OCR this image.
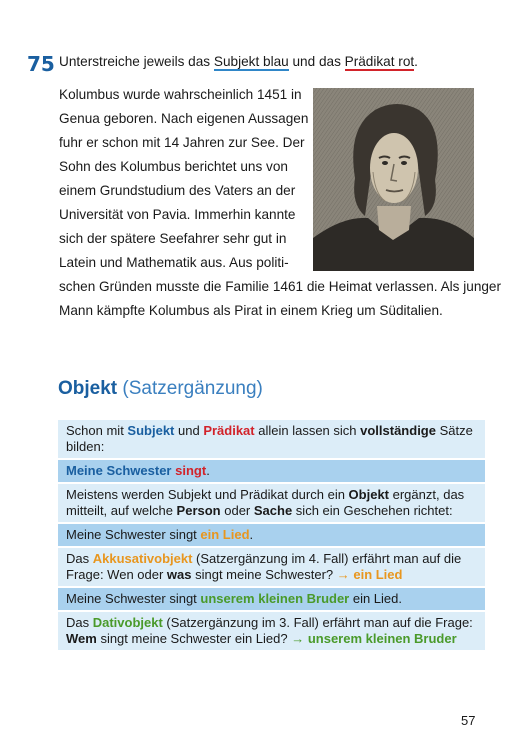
75 Unterstreiche jeweils das Subjekt blau und das Prädikat rot.
Kolumbus wurde wahrscheinlich 1451 in
Genua geboren. Nach eigenen Aussagen
fuhr er schon mit 14 Jahren zur See. Der
Sohn des Kolumbus berichtet uns von
einem Grundstudium des Vaters an der
Universität von Pavia. Immerhin kannte
sich der spätere Seefahrer sehr gut in
Latein und Mathematik aus. Aus politi-
schen Gründen musste die Familie 1461 die Heimat verlassen. Als junger
Mann kämpfte Kolumbus als Pirat in einem Krieg um Süditalien.
Objekt (Satzergänzung)
Schon mit Subjekt und Prädikat allein lassen sich vollständige Sätze bilden:
Meine Schwester singt.
Meistens werden Subjekt und Prädikat durch ein Objekt ergänzt, das mitteilt, auf welche Person oder Sache sich ein Geschehen richtet:
Meine Schwester singt ein Lied.
Das Akkusativobjekt (Satzergänzung im 4. Fall) erfährt man auf die Frage: Wen oder was singt meine Schwester? → ein Lied
Meine Schwester singt unserem kleinen Bruder ein Lied.
Das Dativobjekt (Satzergänzung im 3. Fall) erfährt man auf die Frage: Wem singt meine Schwester ein Lied? → unserem kleinen Bruder
57
